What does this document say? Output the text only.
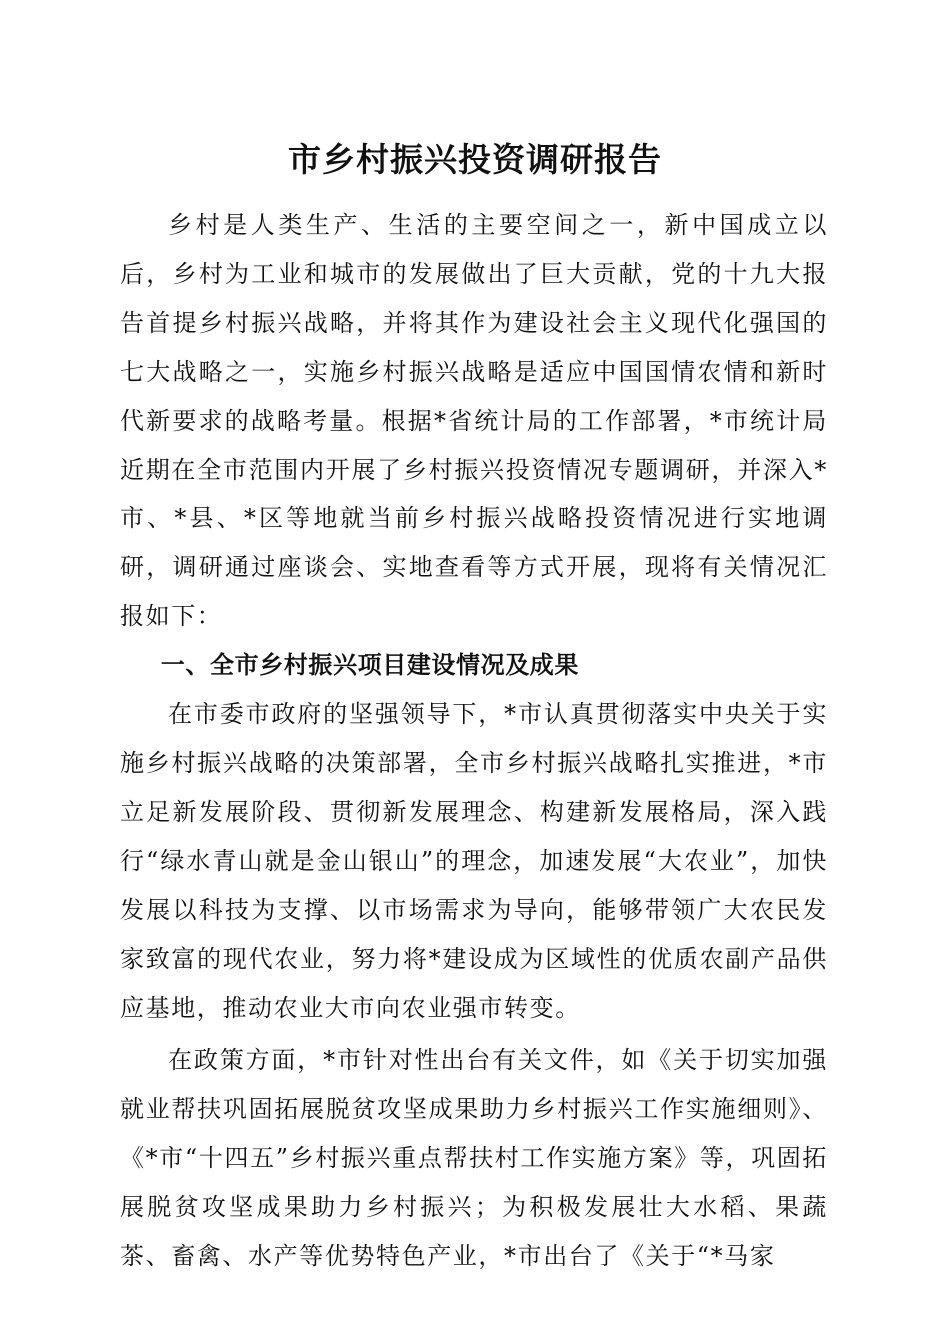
市乡村振兴投资调研报告

乡村是人类生产、生活的主要空间之一，新中国成立以后，乡村为工业和城市的发展做出了巨大贡献，党的十九大报告首提乡村振兴战略，并将其作为建设社会主义现代化强国的七大战略之一，实施乡村振兴战略是适应中国国情农情和新时代新要求的战略考量。根据*省统计局的工作部署，*市统计局近期在全市范围内开展了乡村振兴投资情况专题调研，并深入*市、*县、*区等地就当前乡村振兴战略投资情况进行实地调研，调研通过座谈会、实地查看等方式开展，现将有关情况汇报如下：

一、全市乡村振兴项目建设情况及成果

在市委市政府的坚强领导下，*市认真贯彻落实中央关于实施乡村振兴战略的决策部署，全市乡村振兴战略扎实推进，*市立足新发展阶段、贯彻新发展理念、构建新发展格局，深入践行“绿水青山就是金山银山”的理念，加速发展“大农业”，加快发展以科技为支撑、以市场需求为导向，能够带领广大农民发家致富的现代农业，努力将*建设成为区域性的优质农副产品供应基地，推动农业大市向农业强市转变。

在政策方面，*市针对性出台有关文件，如《关于切实加强就业帮扶巩固拓展脱贫攻坚成果助力乡村振兴工作实施细则》、《*市“十四五”乡村振兴重点帮扶村工作实施方案》等，巩固拓展脱贫攻坚成果助力乡村振兴；为积极发展壮大水稻、果蔬茶、畜禽、水产等优势特色产业，*市出台了《关于“*马家
